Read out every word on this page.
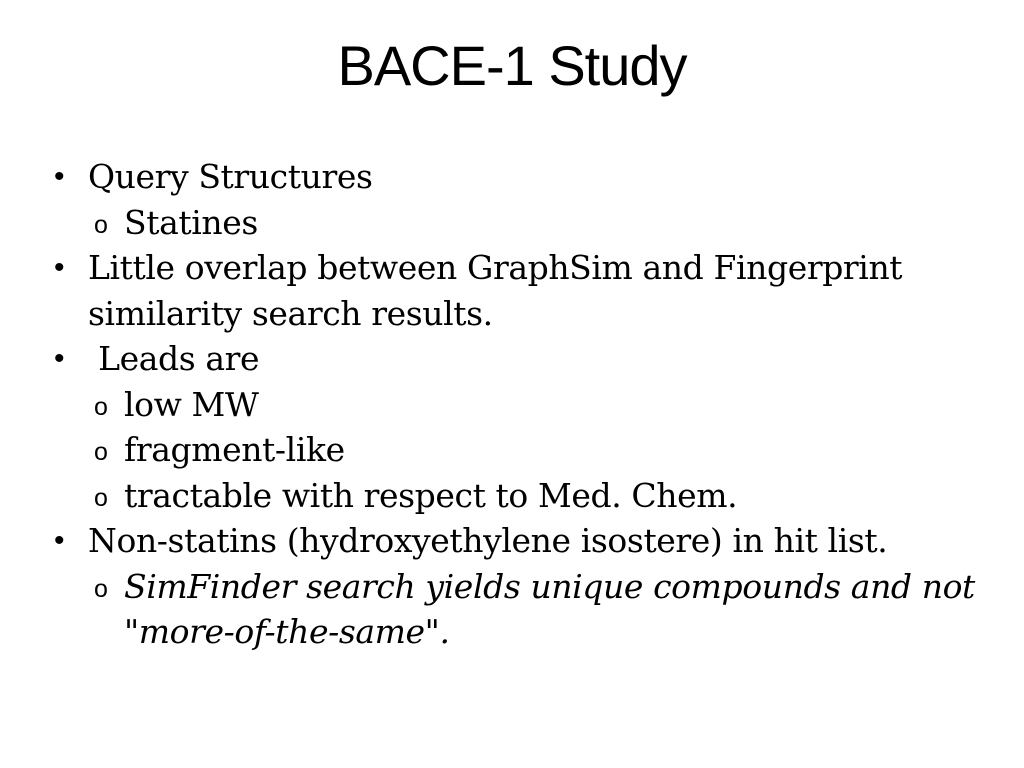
BACE-1 Study
• Query Structures
o Statines
• Little overlap between GraphSim and Fingerprint similarity search results.
• Leads are
o low MW
o fragment-like
o tractable with respect to Med. Chem.
• Non-statins (hydroxyethylene isostere) in hit list.
o SimFinder search yields unique compounds and not "more-of-the-same".
